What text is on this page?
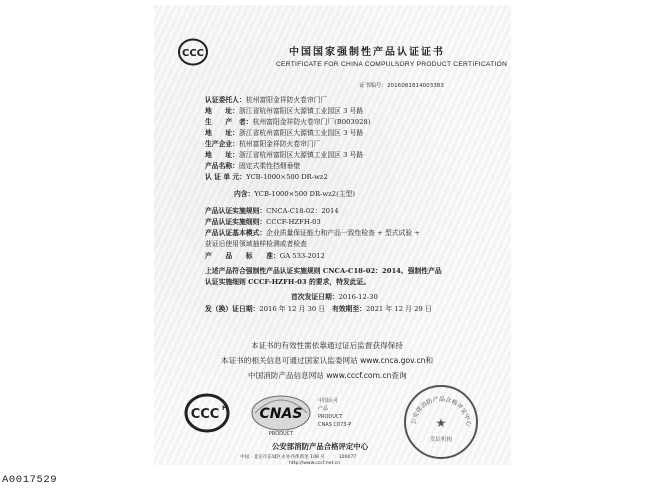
CCC	中国国家强制性产品认证证书
CERTIFICATE FOR CHINA COMPULSORY PRODUCT CERTIFICATION
证书编号：2016081814003383
认证委托人：杭州富阳金祥防火卷帘门厂
地　　址：浙江省杭州富阳区大源镇工业园区 3 号路
生　　产　者：杭州富阳金祥防火卷帘门厂(B003928)
地　　址：浙江省杭州富阳区大源镇工业园区 3 号路
生产企业：杭州富阳金祥防火卷帘门厂
地　　址：浙江省杭州富阳区大源镇工业园区 3 号路
产品名称：固定式柔性挡烟垂壁
认 证 单 元：YCB-1000×500 DR-wz2
内含：YCB-1000×500 DR-wz2(主型)
产品认证实施规则：CNCA-C18-02：2014
产品认证实施细则：CCCF-HZFH-03
产品认证基本模式：企业质量保证能力和产品一致性检查 + 型式试验 +
获证后使用领域抽样检测或者检查
产　　品　　标　　准：GA 533-2012
上述产品符合强制性产品认证实施规则 CNCA-C18-02：2014、强制性产品
认证实施细则 CCCF-HZFH-03 的要求，特发此证。
首次发证日期：2016-12-30
发（换）证日期：2016 年 12 月 30 日　 有效期至：2021 年 12 月 29 日
本证书的有效性需依靠通过证后监督获得保持
本证书的相关信息可通过国家认监委网站 www.cnca.gov.cn和
中国消防产品信息网站 www.cccf.com.cn查询
CCC F CNAS
PRODUCT
中国认可
产品
PRODUCT
CNAS C073-P	公安部消防产品合格评定中心
★
发证机构
公安部消防产品合格评定中心
中国 · 北京市东城区永外西革新里 108 号　　　100077
http://www.cccf.net.cn
A0017529
